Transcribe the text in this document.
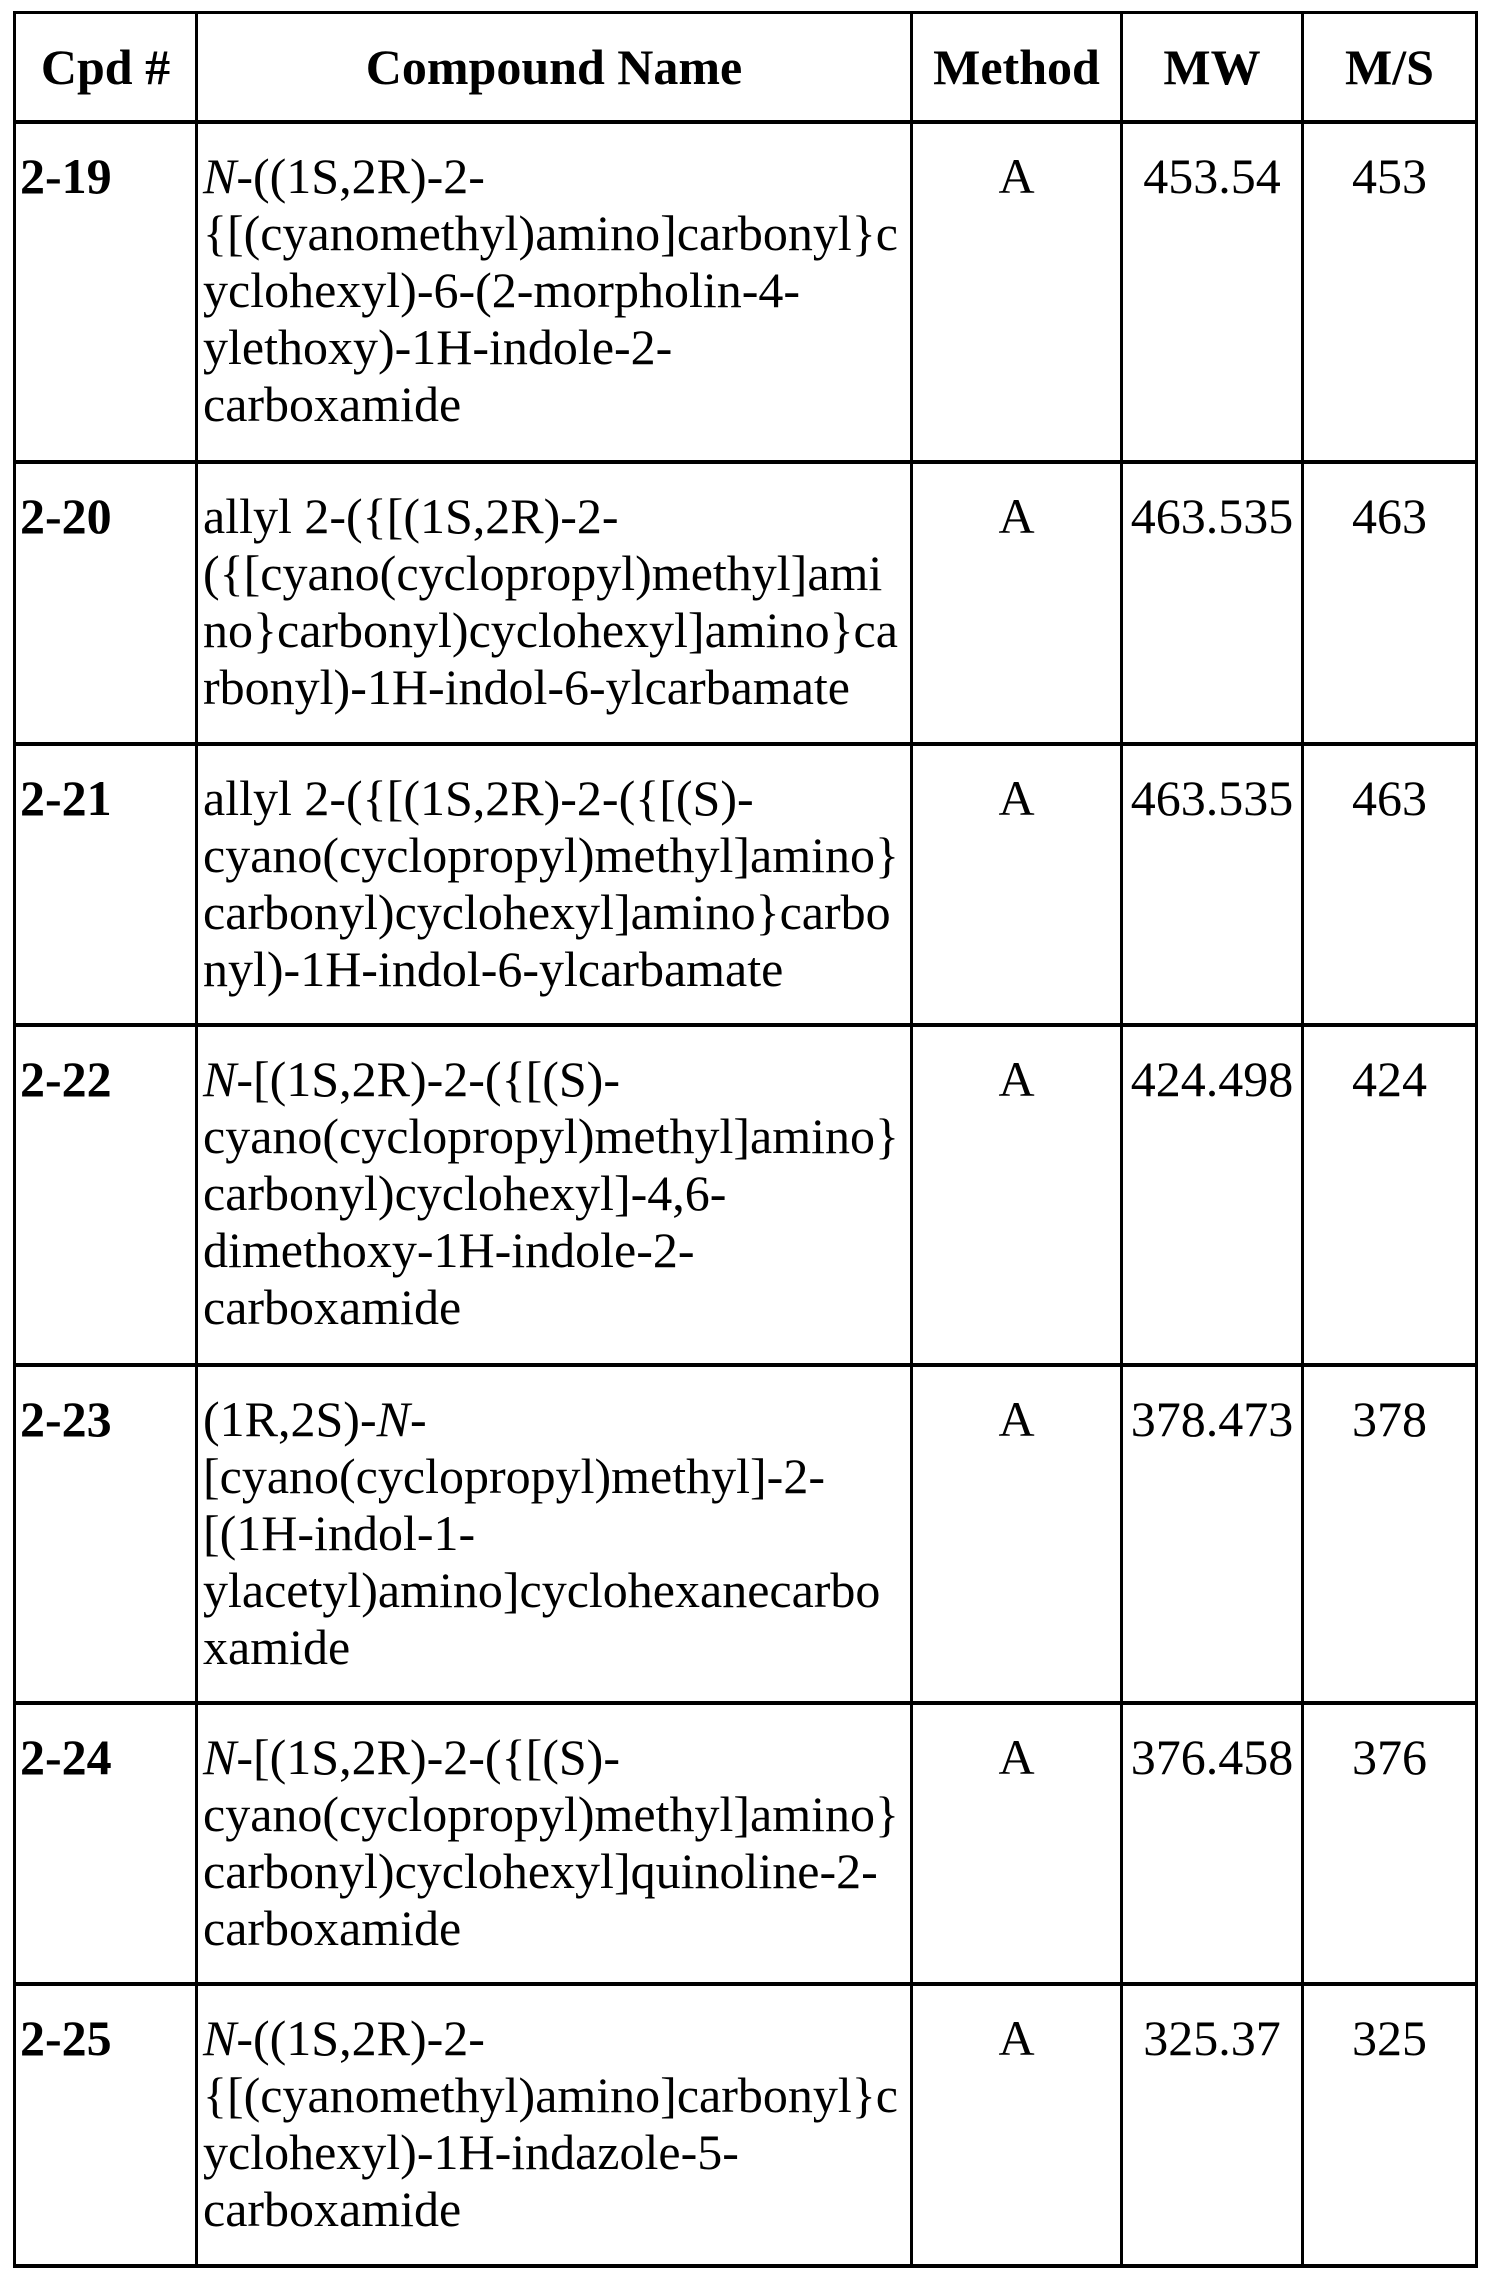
Cpd #	Compound Name	Method	MW	M/S
2-19	N-((1S,2R)-2-
{[(cyanomethyl)amino]carbonyl}c
yclohexyl)-6-(2-morpholin-4-
ylethoxy)-1H-indole-2-
carboxamide	A	453.54	453
2-20	allyl 2-({[(1S,2R)-2-
({[cyano(cyclopropyl)methyl]ami
no}carbonyl)cyclohexyl]amino}ca
rbonyl)-1H-indol-6-ylcarbamate	A	463.535	463
2-21	allyl 2-({[(1S,2R)-2-({[(S)-
cyano(cyclopropyl)methyl]amino}
carbonyl)cyclohexyl]amino}carbo
nyl)-1H-indol-6-ylcarbamate	A	463.535	463
2-22	N-[(1S,2R)-2-({[(S)-
cyano(cyclopropyl)methyl]amino}
carbonyl)cyclohexyl]-4,6-
dimethoxy-1H-indole-2-
carboxamide	A	424.498	424
2-23	(1R,2S)-N-
[cyano(cyclopropyl)methyl]-2-
[(1H-indol-1-
ylacetyl)amino]cyclohexanecarbo
xamide	A	378.473	378
2-24	N-[(1S,2R)-2-({[(S)-
cyano(cyclopropyl)methyl]amino}
carbonyl)cyclohexyl]quinoline-2-
carboxamide	A	376.458	376
2-25	N-((1S,2R)-2-
{[(cyanomethyl)amino]carbonyl}c
yclohexyl)-1H-indazole-5-
carboxamide	A	325.37	325
